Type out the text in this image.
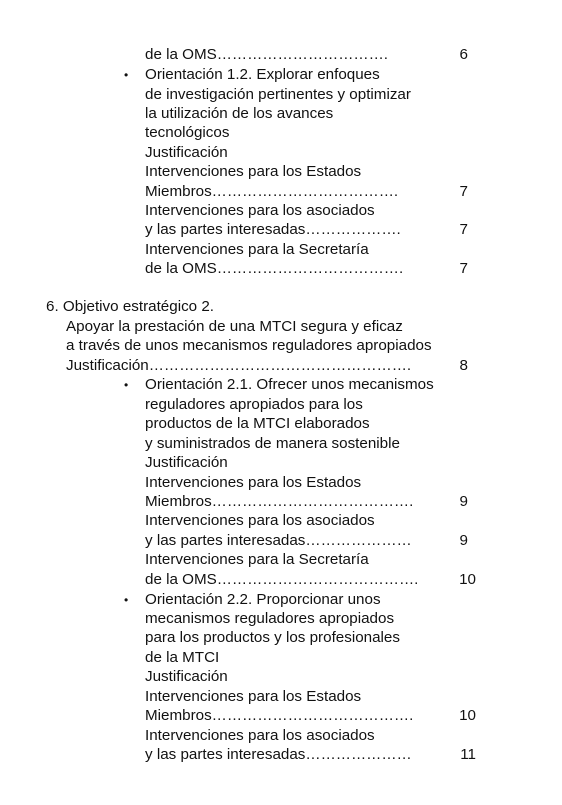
de la OMS…………………………….	6
• Orientación 1.2. Explorar enfoques
de investigación pertinentes y optimizar
la utilización de los avances
tecnológicos
Justificación
Intervenciones para los Estados
Miembros……………………………….	7
Intervenciones para los asociados
y las partes interesadas……………….	7
Intervenciones para la Secretaría
de la OMS……………………………….	7
6. Objetivo estratégico 2.
Apoyar la prestación de una MTCI segura y eficaz
a través de unos mecanismos reguladores apropiados
Justificación…………………………………………….	8
• Orientación 2.1. Ofrecer unos mecanismos
reguladores apropiados para los
productos de la MTCI elaborados
y suministrados de manera sostenible
Justificación
Intervenciones para los Estados
Miembros………………………………….	9
Intervenciones para los asociados
y las partes interesadas…………………	9
Intervenciones para la Secretaría
de la OMS………………………………….	10
• Orientación 2.2. Proporcionar unos
mecanismos reguladores apropiados
para los productos y los profesionales
de la MTCI
Justificación
Intervenciones para los Estados
Miembros………………………………….	10
Intervenciones para los asociados
y las partes interesadas…………………	11
